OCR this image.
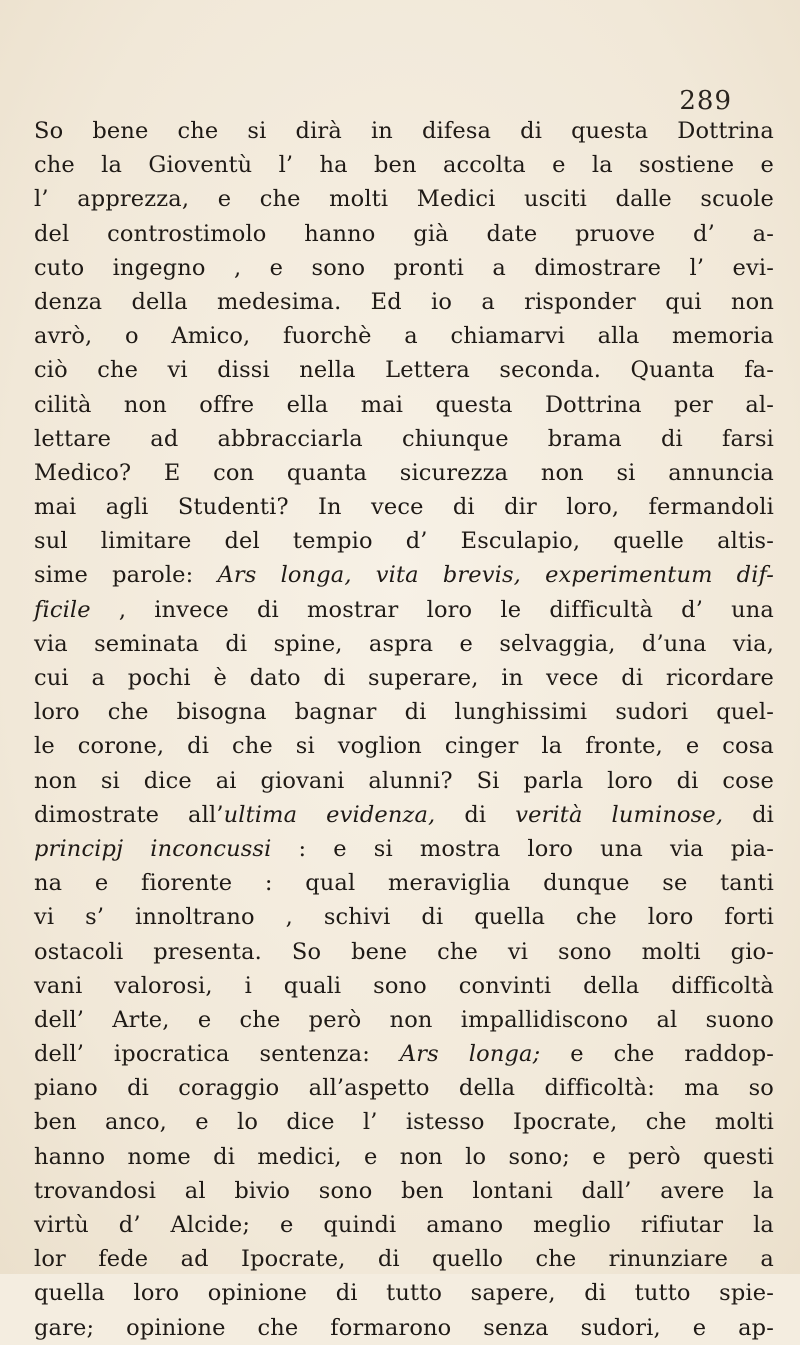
289
So bene che si dirà in difesa di questa Dottrina
che la Gioventù l’ ha ben accolta e la sostiene e
l’ apprezza, e che molti Medici usciti dalle scuole
del controstimolo hanno già date pruove d’ a-
cuto ingegno , e sono pronti a dimostrare l’ evi-
denza della medesima. Ed io a risponder qui non
avrò, o Amico, fuorchè a chiamarvi alla memoria
ciò che vi dissi nella Lettera seconda. Quanta fa-
cilità non offre ella mai questa Dottrina per al-
lettare ad abbracciarla chiunque brama di farsi
Medico? E con quanta sicurezza non si annuncia
mai agli Studenti? In vece di dir loro, fermandoli
sul limitare del tempio d’ Esculapio, quelle altis-
sime parole: Ars longa, vita brevis, experimentum dif-
ficile , invece di mostrar loro le difficultà d’ una
via seminata di spine, aspra e selvaggia, d’una via,
cui a pochi è dato di superare, in vece di ricordare
loro che bisogna bagnar di lunghissimi sudori quel-
le corone, di che si voglion cinger la fronte, e cosa
non si dice ai giovani alunni? Si parla loro di cose
dimostrate all’ultima evidenza, di verità luminose, di
principj inconcussi : e si mostra loro una via pia-
na e fiorente : qual meraviglia dunque se tanti
vi s’ innoltrano , schivi di quella che loro forti
ostacoli presenta. So bene che vi sono molti gio-
vani valorosi, i quali sono convinti della difficoltà
dell’ Arte, e che però non impallidiscono al suono
dell’ ipocratica sentenza: Ars longa; e che raddop-
piano di coraggio all’aspetto della difficoltà: ma so
ben anco, e lo dice l’ istesso Ipocrate, che molti
hanno nome di medici, e non lo sono; e però questi
trovandosi al bivio sono ben lontani dall’ avere la
virtù d’ Alcide; e quindi amano meglio rifiutar la
lor fede ad Ipocrate, di quello che rinunziare a
quella loro opinione di tutto sapere, di tutto spie-
gare; opinione che formarono senza sudori, e ap-
